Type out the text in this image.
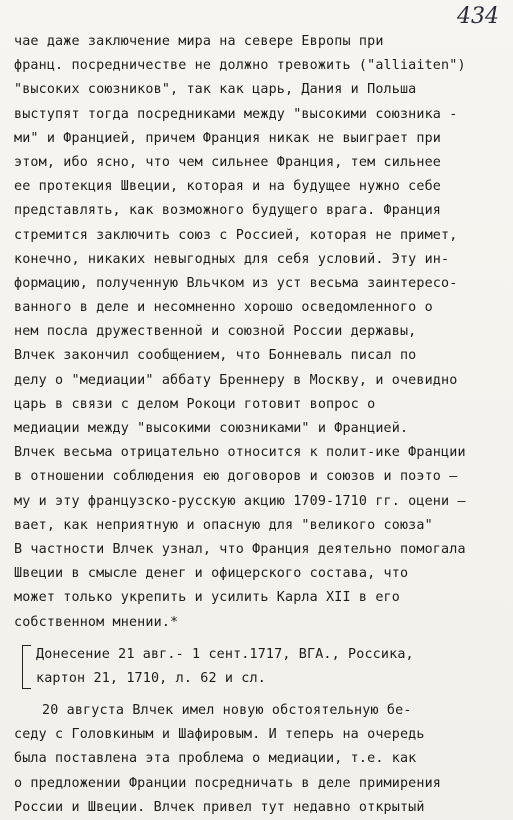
434
чае даже заключение мира на севере Европы при
франц. посредничестве не должно тревожить ("alliaiten")
"высоких союзников", так как царь, Дания и Польша
выступят тогда посредниками между "высокими союзника -
ми" и Францией, причем Франция никак не выиграет при
этом, ибо ясно, что чем сильнее Франция, тем сильнее
ее протекция Швеции, которая и на будущее нужно себе
представлять, как возможного будущего врага. Франция
стремится заключить союз с Россией, которая не примет,
конечно, никаких невыгодных для себя условий. Эту ин-
формацию, полученную Вльчком из уст весьма заинтересо-
ванного в деле и несомненно хорошо осведомленного о
нем посла дружественной и союзной России державы,
Влчек закончил сообщением, что Бонневаль писал по
делу о "медиации" аббату Бреннеру в Москву, и очевидно
царь в связи с делом Рокоци готовит вопрос о
медиации между "высокими союзниками" и Францией.
Влчек весьма отрицательно относится к полит-ике Франции
в отношении соблюдения ею договоров и союзов и поэто –
му и эту французско-русскую акцию 1709-1710 гг. оцени –
вает, как неприятную и опасную для "великого союза"
В частности Влчек узнал, что Франция деятельно помогала
Швеции в смысле денег и офицерского состава, что
может только укрепить и усилить Карла XII в его
собственном мнении.*
Донесение 21 авг.- 1 сент.1717, ВГА., Россика,
картон 21, 1710, л. 62 и сл.
20 августа Влчек имел новую обстоятельную бе-
седу с Головкиным и Шафировым. И теперь на очередь
была поставлена эта проблема о медиации, т.е. как
о предложении Франции посредничать в деле примирения
России и Швеции. Влчек привел тут недавно открытый
